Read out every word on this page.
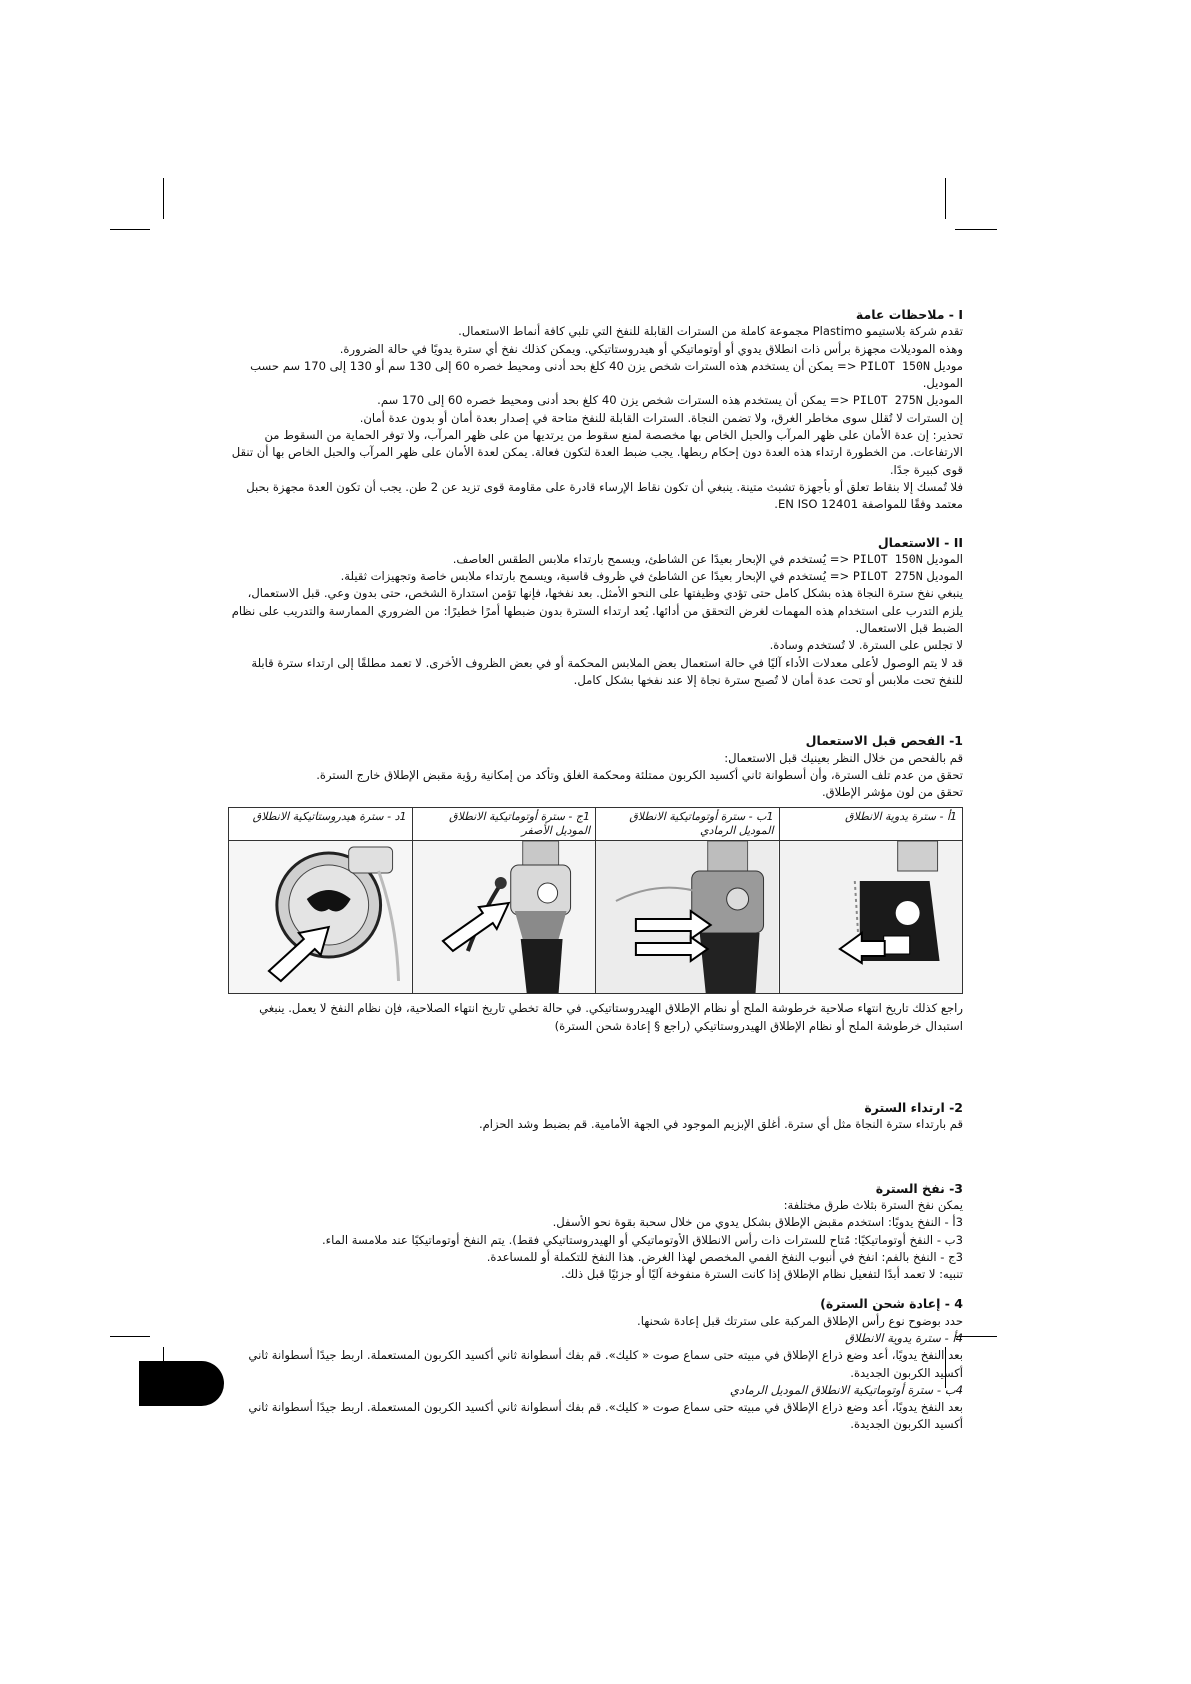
I - ملاحظات عامة

تقدم شركة بلاستيمو Plastimo مجموعة كاملة من السترات القابلة للنفخ التي تلبي كافة أنماط الاستعمال.

وهذه الموديلات مجهزة برأس ذات انطلاق يدوي أو أوتوماتيكي أو هيدروستاتيكي. ويمكن كذلك نفخ أي سترة يدويًا في حالة الضرورة.

موديل PILOT 150N <= يمكن أن يستخدم هذه السترات شخص يزن 40 كلغ بحد أدنى ومحيط خصره 60 إلى 130 سم أو 130 إلى 170 سم حسب الموديل.

الموديل PILOT 275N <= يمكن أن يستخدم هذه السترات شخص يزن 40 كلغ بحد أدنى ومحيط خصره 60 إلى 170 سم.

إن السترات لا تُقلل سوى مخاطر الغرق، ولا تضمن النجاة. السترات القابلة للنفخ متاحة في إصدار بعدة أمان أو بدون عدة أمان.

تحذير: إن عدة الأمان على ظهر المرآب والحبل الخاص بها مخصصة لمنع سقوط من يرتديها من على ظهر المرآب، ولا توفر الحماية من السقوط من الارتفاعات. من الخطورة ارتداء هذه العدة دون إحكام ربطها. يجب ضبط العدة لتكون فعالة. يمكن لعدة الأمان على ظهر المرآب والحبل الخاص بها أن تنقل قوى كبيرة جدًا.

فلا تُمسك إلا بنقاط تعلق أو بأجهزة تشبث متينة. ينبغي أن تكون نقاط الإرساء قادرة على مقاومة قوى تزيد عن 2 طن. يجب أن تكون العدة مجهزة بحبل معتمد وفقًا للمواصفة EN ISO 12401.

II - الاستعمال

الموديل PILOT 150N <= يُستخدم في الإبحار بعيدًا عن الشاطئ، ويسمح بارتداء ملابس الطقس العاصف.

الموديل PILOT 275N <= يُستخدم في الإبحار بعيدًا عن الشاطئ في ظروف قاسية، ويسمح بارتداء ملابس خاصة وتجهيزات ثقيلة.

ينبغي نفخ سترة النجاة هذه بشكل كامل حتى تؤدي وظيفتها على النحو الأمثل. بعد نفخها، فإنها تؤمن استدارة الشخص، حتى بدون وعي. قبل الاستعمال، يلزم التدرب على استخدام هذه المهمات لغرض التحقق من أدائها. يُعد ارتداء السترة بدون ضبطها أمرًا خطيرًا: من الضروري الممارسة والتدريب على نظام الضبط قبل الاستعمال.

لا تجلس على السترة. لا تُستخدم وسادة.

قد لا يتم الوصول لأعلى معدلات الأداء آليًا في حالة استعمال بعض الملابس المحكمة أو في بعض الظروف الأخرى. لا تعمد مطلقًا إلى ارتداء سترة قابلة للنفخ تحت ملابس أو تحت عدة أمان لا تُصبح سترة نجاة إلا عند نفخها بشكل كامل.

1- الفحص قبل الاستعمال

قم بالفحص من خلال النظر بعينيك قبل الاستعمال:

تحقق من عدم تلف السترة، وأن أسطوانة ثاني أكسيد الكربون ممتلئة ومحكمة الغلق وتأكد من إمكانية رؤية مقبض الإطلاق خارج السترة.

تحقق من لون مؤشر الإطلاق.

1أ - سترة يدوية الانطلاق

1ب - سترة أوتوماتيكية الانطلاق الموديل الرمادي

1ج - سترة أوتوماتيكية الانطلاق الموديل الأصفر

1د - سترة هيدروستاتيكية الانطلاق

راجع كذلك تاريخ انتهاء صلاحية خرطوشة الملح أو نظام الإطلاق الهيدروستاتيكي. في حالة تخطي تاريخ انتهاء الصلاحية، فإن نظام النفخ لا يعمل. ينبغي استبدال خرطوشة الملح أو نظام الإطلاق الهيدروستاتيكي (راجع § إعادة شحن السترة)

2- ارتداء السترة

قم بارتداء سترة النجاة مثل أي سترة. أغلق الإبزيم الموجود في الجهة الأمامية. قم بضبط وشد الحزام.

3- نفخ السترة

يمكن نفخ السترة بثلاث طرق مختلفة:

3أ - النفخ يدويًا: استخدم مقبض الإطلاق بشكل يدوي من خلال سحبة بقوة نحو الأسفل.

3ب - النفخ أوتوماتيكيًا: مُتاح للسترات ذات رأس الانطلاق الأوتوماتيكي أو الهيدروستاتيكي فقط). يتم النفخ أوتوماتيكيًا عند ملامسة الماء.

3ج - النفخ بالفم: انفخ في أنبوب النفخ الفمي المخصص لهذا الغرض. هذا النفخ للتكملة أو للمساعدة.

تنبيه: لا تعمد أبدًا لتفعيل نظام الإطلاق إذا كانت السترة منفوخة آليًا أو جزئيًا قبل ذلك.

4 - إعادة شحن السترة)

حدد بوضوح نوع رأس الإطلاق المركبة على سترتك قبل إعادة شحنها.

4أ - سترة يدوية الانطلاق

بعد النفخ يدويًا، أعد وضع ذراع الإطلاق في مبيته حتى سماع صوت « كليك». قم بفك أسطوانة ثاني أكسيد الكربون المستعملة. اربط جيدًا أسطوانة ثاني أكسيد الكربون الجديدة.

4ب - سترة أوتوماتيكية الانطلاق الموديل الرمادي

بعد النفخ يدويًا، أعد وضع ذراع الإطلاق في مبيته حتى سماع صوت « كليك». قم بفك أسطوانة ثاني أكسيد الكربون المستعملة. اربط جيدًا أسطوانة ثاني أكسيد الكربون الجديدة.
